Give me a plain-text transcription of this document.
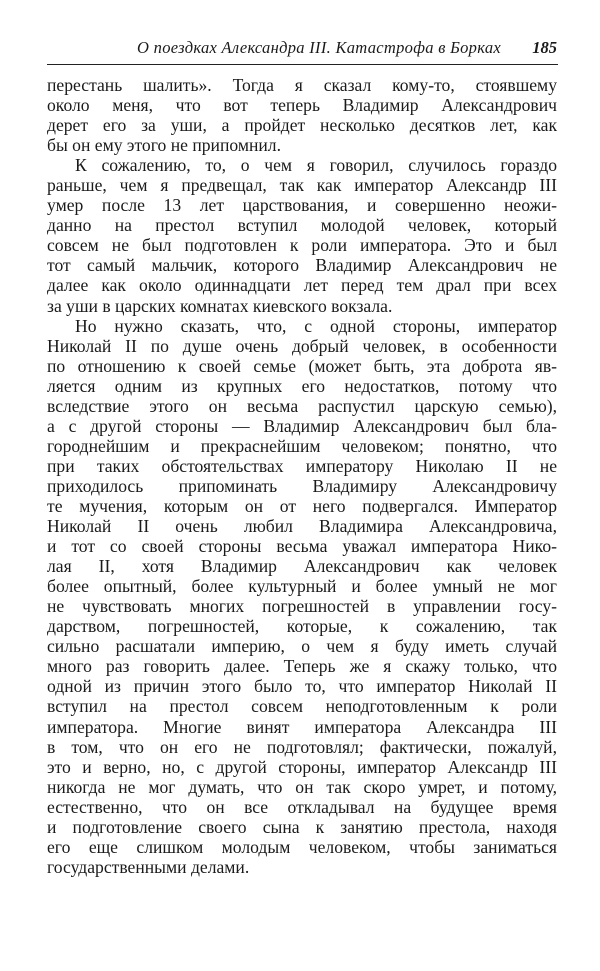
О поездках Александра III. Катастрофа в Борках 185
перестань шалить». Тогда я сказал кому-то, стоявшему
около меня, что вот теперь Владимир Александрович
дерет его за уши, а пройдет несколько десятков лет, как
бы он ему этого не припомнил.
К сожалению, то, о чем я говорил, случилось гораздо
раньше, чем я предвещал, так как император Александр III
умер после 13 лет царствования, и совершенно неожи-
данно на престол вступил молодой человек, который
совсем не был подготовлен к роли императора. Это и был
тот самый мальчик, которого Владимир Александрович не
далее как около одиннадцати лет перед тем драл при всех
за уши в царских комнатах киевского вокзала.
Но нужно сказать, что, с одной стороны, император
Николай II по душе очень добрый человек, в особенности
по отношению к своей семье (может быть, эта доброта яв-
ляется одним из крупных его недостатков, потому что
вследствие этого он весьма распустил царскую семью),
а с другой стороны — Владимир Александрович был бла-
городнейшим и прекраснейшим человеком; понятно, что
при таких обстоятельствах императору Николаю II не
приходилось припоминать Владимиру Александровичу
те мучения, которым он от него подвергался. Император
Николай II очень любил Владимира Александровича,
и тот со своей стороны весьма уважал императора Нико-
лая II, хотя Владимир Александрович как человек
более опытный, более культурный и более умный не мог
не чувствовать многих погрешностей в управлении госу-
дарством, погрешностей, которые, к сожалению, так
сильно расшатали империю, о чем я буду иметь случай
много раз говорить далее. Теперь же я скажу только, что
одной из причин этого было то, что император Николай II
вступил на престол совсем неподготовленным к роли
императора. Многие винят императора Александра III
в том, что он его не подготовлял; фактически, пожалуй,
это и верно, но, с другой стороны, император Александр III
никогда не мог думать, что он так скоро умрет, и потому,
естественно, что он все откладывал на будущее время
и подготовление своего сына к занятию престола, находя
его еще слишком молодым человеком, чтобы заниматься
государственными делами.
